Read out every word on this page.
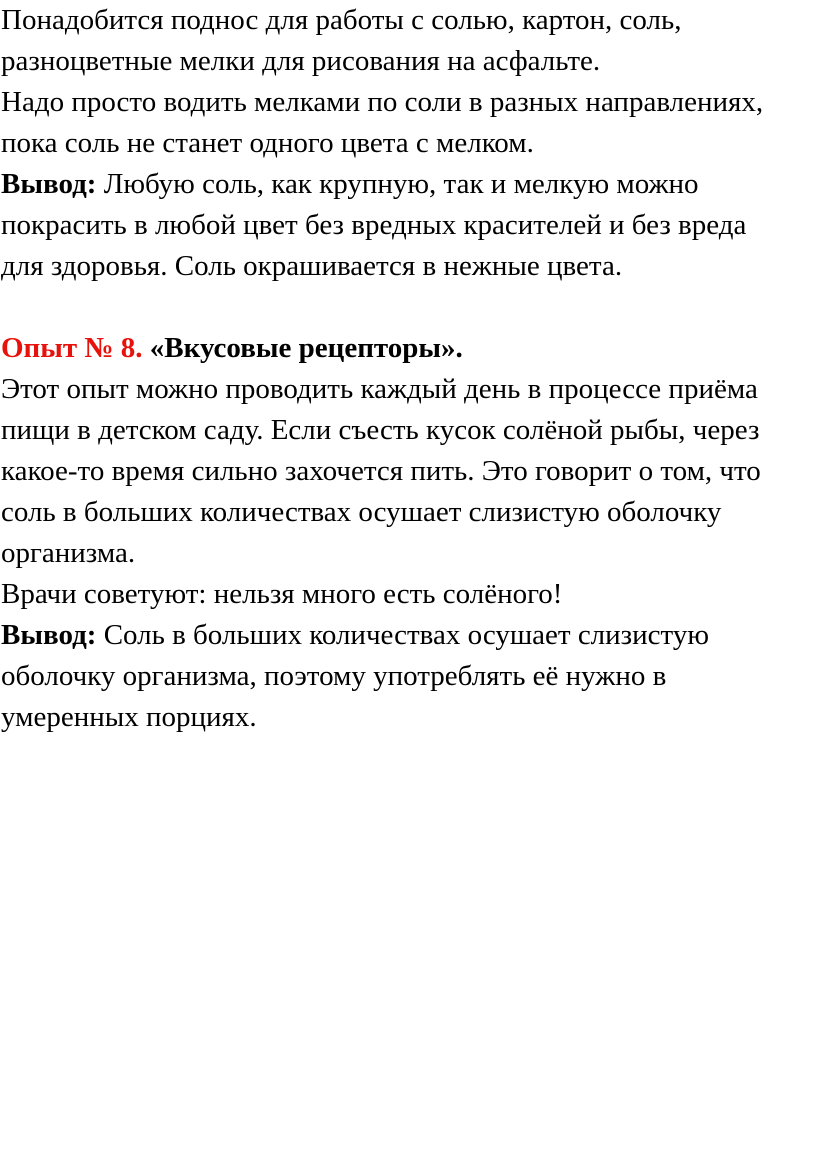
Понадобится поднос для работы с солью, картон, соль,
разноцветные мелки для рисования на асфальте.
Надо просто водить мелками по соли в разных направлениях,
пока соль не станет одного цвета с мелком.
Вывод: Любую соль, как крупную, так и мелкую можно
покрасить в любой цвет без вредных красителей и без вреда
для здоровья. Соль окрашивается в нежные цвета.
Опыт № 8. «Вкусовые рецепторы».
Этот опыт можно проводить каждый день в процессе приёма
пищи в детском саду. Если съесть кусок солёной рыбы, через
какое-то время сильно захочется пить. Это говорит о том, что
соль в больших количествах осушает слизистую оболочку
организма.
Врачи советуют: нельзя много есть солёного!
Вывод: Соль в больших количествах осушает слизистую
оболочку организма, поэтому употреблять её нужно в
умеренных порциях.
